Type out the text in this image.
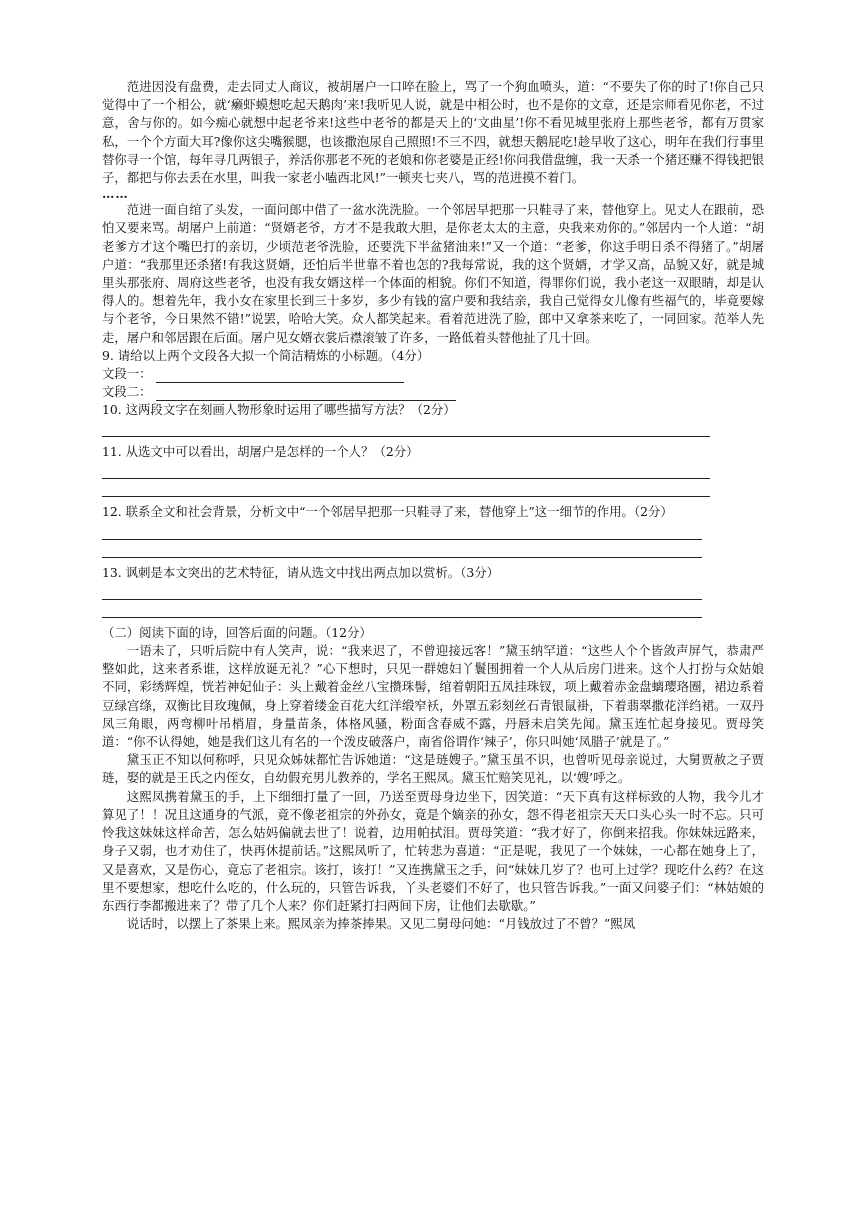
范进因没有盘费，走去同丈人商议，被胡屠户一口啐在脸上，骂了一个狗血喷头，道：“不要失了你的时了!你自己只觉得中了一个相公，就‘癞虾蟆想吃起天鹅肉’来!我听见人说，就是中相公时，也不是你的文章，还是宗师看见你老，不过意，舍与你的。如今痴心就想中起老爷来!这些中老爷的都是天上的‘文曲星’!你不看见城里张府上那些老爷，都有万贯家私，一个个方面大耳?像你这尖嘴猴腮，也该撒泡尿自己照照!不三不四，就想天鹅屁吃!趁早收了这心，明年在我们行事里替你寻一个馆，每年寻几两银子，养活你那老不死的老娘和你老婆是正经!你问我借盘缠，我一天杀一个猪还赚不得钱把银子，都把与你去丢在水里，叫我一家老小嗑西北风!”一顿夹七夹八，骂的范进摸不着门。

……

范进一面自绾了头发，一面问郎中借了一盆水洗洗脸。一个邻居早把那一只鞋寻了来，替他穿上。见丈人在跟前，恐怕又要来骂。胡屠户上前道：“贤婿老爷，方才不是我敢大胆，是你老太太的主意，央我来劝你的。”邻居内一个人道：“胡老爹方才这个嘴巴打的亲切，少顷范老爷洗脸，还要洗下半盆猪油来!”又一个道：“老爹，你这手明日杀不得猪了。”胡屠户道：“我那里还杀猪!有我这贤婿，还怕后半世靠不着也怎的?我每常说，我的这个贤婿，才学又高，品貌又好，就是城里头那张府、周府这些老爷，也没有我女婿这样一个体面的相貌。你们不知道，得罪你们说，我小老这一双眼睛，却是认得人的。想着先年，我小女在家里长到三十多岁，多少有钱的富户要和我结亲，我自己觉得女儿像有些福气的，毕竟要嫁与个老爷，今日果然不错!”说罢，哈哈大笑。众人都笑起来。看着范进洗了脸，郎中又拿茶来吃了，一同回家。范举人先走，屠户和邻居跟在后面。屠户见女婿衣裳后襟滚皱了许多，一路低着头替他扯了几十回。

9. 请给以上两个文段各大拟一个简洁精炼的小标题。（4分）

文段一：
文段二：

10. 这两段文字在刻画人物形象时运用了哪些描写方法？（2分）

11. 从选文中可以看出，胡屠户是怎样的一个人？（2分）

12. 联系全文和社会背景，分析文中“一个邻居早把那一只鞋寻了来，替他穿上”这一细节的作用。（2分）

13. 讽刺是本文突出的艺术特征，请从选文中找出两点加以赏析。（3分）

（二）阅读下面的诗，回答后面的问题。（12分）

一语未了，只听后院中有人笑声，说：“我来迟了，不曾迎接远客！”黛玉纳罕道：“这些人个个皆敛声屏气，恭肃严整如此，这来者系谁，这样放诞无礼？”心下想时，只见一群媳妇丫鬟围拥着一个人从后房门进来。这个人打扮与众姑娘不同，彩绣辉煌，恍若神妃仙子：头上戴着金丝八宝攒珠髻，绾着朝阳五凤挂珠钗，项上戴着赤金盘螭璎珞圈，裙边系着豆绿宫绦，双衡比目玫瑰佩，身上穿着缕金百花大红洋缎窄袄，外罩五彩刻丝石青银鼠褂，下着翡翠撒花洋绉裙。一双丹凤三角眼，两弯柳叶吊梢眉，身量苗条，体格风骚，粉面含春威不露，丹唇未启笑先闻。黛玉连忙起身接见。贾母笑道：“你不认得她，她是我们这儿有名的一个泼皮破落户，南省俗谓作‘辣子’，你只叫她‘凤腊子’就是了。”

黛玉正不知以何称呼，只见众姊妹都忙告诉她道：“这是琏嫂子。”黛玉虽不识，也曾听见母亲说过，大舅贾赦之子贾琏，娶的就是王氏之内侄女，自幼假充男儿教养的，学名王熙凤。黛玉忙赔笑见礼，以‘嫂’呼之。

这熙凤携着黛玉的手，上下细细打量了一回，乃送至贾母身边坐下，因笑道：“天下真有这样标致的人物，我今儿才算见了！！况且这通身的气派，竟不像老祖宗的外孙女，竟是个嫡亲的孙女，怨不得老祖宗天天口头心头一时不忘。只可怜我这妹妹这样命苦，怎么姑妈偏就去世了！说着，边用帕拭泪。贾母笑道：“我才好了，你倒来招我。你妹妹远路来，身子又弱，也才劝住了，快再休提前话。”这熙凤听了，忙转悲为喜道：“正是呢，我见了一个妹妹，一心都在她身上了，又是喜欢，又是伤心，竟忘了老祖宗。该打，该打！”又连携黛玉之手，问“妹妹几岁了？也可上过学？现吃什么药？在这里不要想家，想吃什么吃的，什么玩的，只管告诉我，丫头老婆们不好了，也只管告诉我。”一面又问婆子们：“林姑娘的东西行李都搬进来了？带了几个人来？你们赶紧打扫两间下房，让他们去歇歇。”

说话时，以摆上了茶果上来。熙凤亲为捧茶捧果。又见二舅母问她：“月钱放过了不曾？”熙凤
